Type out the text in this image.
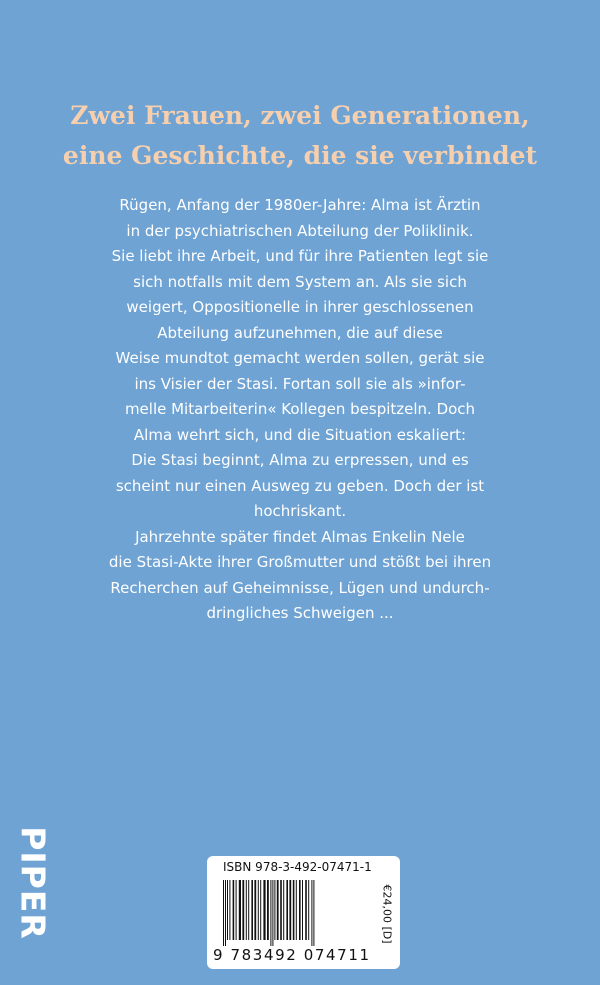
Zwei Frauen, zwei Generationen,
eine Geschichte, die sie verbindet
Rügen, Anfang der 1980er-Jahre: Alma ist Ärztin
in der psychiatrischen Abteilung der Poliklinik.
Sie liebt ihre Arbeit, und für ihre Patienten legt sie
sich notfalls mit dem System an. Als sie sich
weigert, Oppositionelle in ihrer geschlossenen
Abteilung aufzunehmen, die auf diese
Weise mundtot gemacht werden sollen, gerät sie
ins Visier der Stasi. Fortan soll sie als »infor-
melle Mitarbeiterin« Kollegen bespitzeln. Doch
Alma wehrt sich, und die Situation eskaliert:
Die Stasi beginnt, Alma zu erpressen, und es
scheint nur einen Ausweg zu geben. Doch der ist
hochriskant.
Jahrzehnte später findet Almas Enkelin Nele
die Stasi-Akte ihrer Großmutter und stößt bei ihren
Recherchen auf Geheimnisse, Lügen und undurch-
dringliches Schweigen ...
PIPER	ISBN 978-3-492-07471-1
9 783492 074711
€24,00 [D]
